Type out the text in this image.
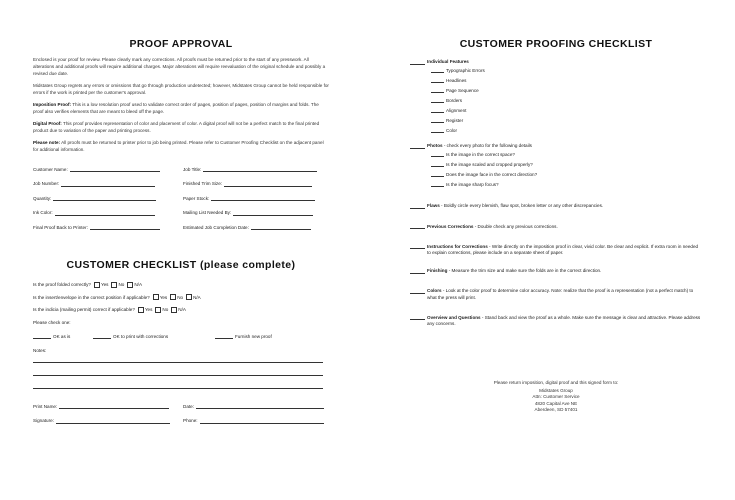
PROOF APPROVAL

Enclosed is your proof for review. Please clearly mark any corrections. All proofs must be returned prior to the start of any presswork. All alterations and additional proofs will require additional charges. Major alterations will require reevaluation of the original schedule and possibly a revised due date.

Midstates Group regrets any errors or omissions that go through production undetected; however, Midstates Group cannot be held responsible for errors if the work is printed per the customer's approval.

Imposition Proof: This is a low resolution proof used to validate correct order of pages, position of pages, position of margins and folds. The proof also verifies elements that are meant to bleed off the page.

Digital Proof: This proof provides representation of color and placement of color. A digital proof will not be a perfect match to the final printed product due to variation of the paper and printing process.

Please note: All proofs must be returned to printer prior to job being printed. Please refer to Customer Proofing Checklist on the adjacent panel for additional information.

Customer Name:	Job Title:
Job Number:	Finished Trim Size:
Quantity:	Paper Stock:
Ink Color:	Mailing List Needed By:
Final Proof Back to Printer:	Estimated Job Completion Date:
CUSTOMER CHECKLIST (please complete)
Is the proof folded correctly? Yes No N/A
Is the insert/envelope in the correct position if applicable? Yes No N/A
Is the indicia (mailing permit) correct if applicable? Yes No N/A
Please check one:
OK as is	OK to print with corrections	Furnish new proof
Notes:
Print Name:	Date:
Signature:	Phone:
CUSTOMER PROOFING CHECKLIST
Individual Features
Typographic Errors
Headlines
Page Sequence
Borders
Alignment
Register
Color
Photos - check every photo for the following details
Is the image in the correct space?
Is the image scaled and cropped properly?
Does the image face in the correct direction?
Is the image sharp focus?
Flaws - Boldly circle every blemish, flaw spot, broken letter or any other discrepancies.
Previous Corrections - Double check any previous corrections.
Instructions for Corrections - Write directly on the imposition proof in clear, vivid color. Be clear and explicit. If extra room in needed to explain corrections, please include on a separate sheet of paper.
Finishing - Measure the trim size and make sure the folds are in the correct direction.
Colors - Look at the color proof to determine color accuracy. Note: realize that the proof is a representation (not a perfect match) to what the press will print.
Overview and Questions - Stand back and view the proof as a whole. Make sure the message is clear and attractive. Please address any concerns.
Please return imposition, digital proof and this signed form to:
Midstates Group
Attn: Customer Service
4820 Capital Ave NE
Aberdeen, SD 57401
